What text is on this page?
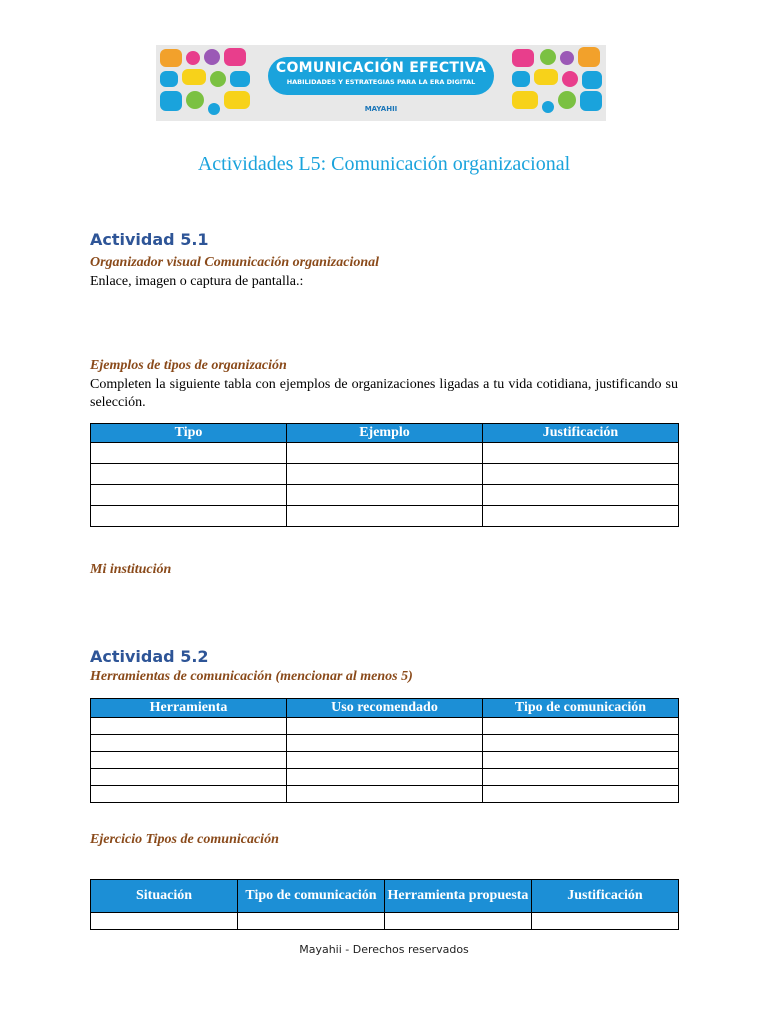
COMUNICACIÓN EFECTIVA
HABILIDADES Y ESTRATEGIAS PARA LA ERA DIGITAL
MAYAHII
Actividades L5: Comunicación organizacional
Actividad 5.1
Organizador visual Comunicación organizacional
Enlace, imagen o captura de pantalla.:
Ejemplos de tipos de organización
Completen la siguiente tabla con ejemplos de organizaciones ligadas a tu vida cotidiana, justificando su selección.
Tipo	Ejemplo	Justificación

Mi institución
Actividad 5.2
Herramientas de comunicación (mencionar al menos 5)
Herramienta	Uso recomendado	Tipo de comunicación

Ejercicio Tipos de comunicación
Situación	Tipo de comunicación	Herramienta propuesta	Justificación

Mayahii - Derechos reservados
